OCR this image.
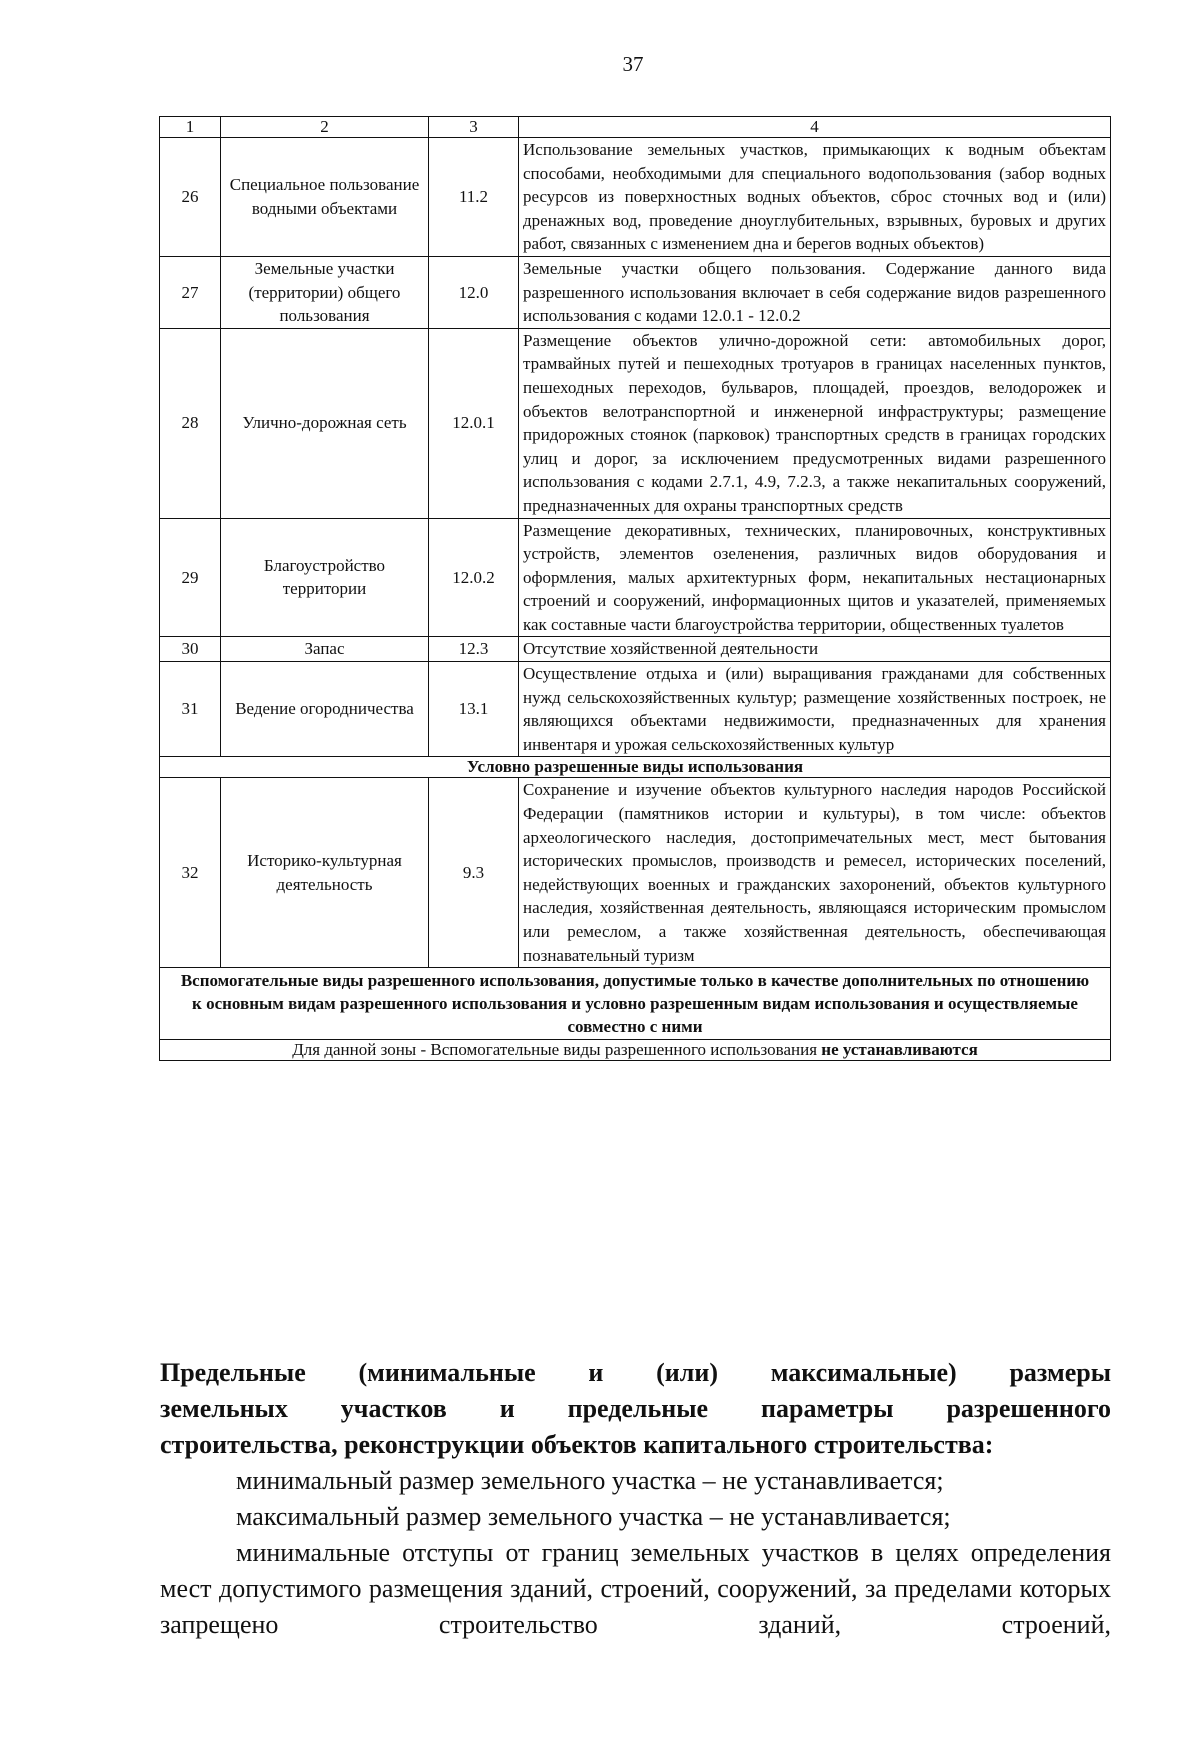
37
1	2	3	4
26	Специальное пользование водными объектами	11.2	Использование земельных участков, примыкающих к водным объектам способами, необходимыми для специального водопользования (забор водных ресурсов из поверхностных водных объектов, сброс сточных вод и (или) дренажных вод, проведение дноуглубительных, взрывных, буровых и других работ, связанных с изменением дна и берегов водных объектов)
27	Земельные участки (территории) общего пользования	12.0	Земельные участки общего пользования. Содержание данного вида разрешенного использования включает в себя содержание видов разрешенного использования с кодами 12.0.1 - 12.0.2
28	Улично-дорожная сеть	12.0.1	Размещение объектов улично-дорожной сети: автомобильных дорог, трамвайных путей и пешеходных тротуаров в границах населенных пунктов, пешеходных переходов, бульваров, площадей, проездов, велодорожек и объектов велотранспортной и инженерной инфраструктуры; размещение придорожных стоянок (парковок) транспортных средств в границах городских улиц и дорог, за исключением предусмотренных видами разрешенного использования с кодами 2.7.1, 4.9, 7.2.3, а также некапитальных сооружений, предназначенных для охраны транспортных средств
29	Благоустройство территории	12.0.2	Размещение декоративных, технических, планировочных, конструктивных устройств, элементов озеленения, различных видов оборудования и оформления, малых архитектурных форм, некапитальных нестационарных строений и сооружений, информационных щитов и указателей, применяемых как составные части благоустройства территории, общественных туалетов
30	Запас	12.3	Отсутствие хозяйственной деятельности
31	Ведение огородничества	13.1	Осуществление отдыха и (или) выращивания гражданами для собственных нужд сельскохозяйственных культур; размещение хозяйственных построек, не являющихся объектами недвижимости, предназначенных для хранения инвентаря и урожая сельскохозяйственных культур
Условно разрешенные виды использования			
32	Историко-культурная деятельность	9.3	Сохранение и изучение объектов культурного наследия народов Российской Федерации (памятников истории и культуры), в том числе: объектов археологического наследия, достопримечательных мест, мест бытования исторических промыслов, производств и ремесел, исторических поселений, недействующих военных и гражданских захоронений, объектов культурного наследия, хозяйственная деятельность, являющаяся историческим промыслом или ремеслом, а также хозяйственная деятельность, обеспечивающая познавательный туризм
Вспомогательные виды разрешенного использования, допустимые только в качестве дополнительных по отношению к основным видам разрешенного использования и условно разрешенным видам использования и осуществляемые совместно с ними			
Для данной зоны - Вспомогательные виды разрешенного использования не устанавливаются			
Предельные (минимальные и (или) максимальные) размеры
земельных участков и предельные параметры разрешенного
строительства, реконструкции объектов капитального строительства:
минимальный размер земельного участка – не устанавливается;
максимальный размер земельного участка – не устанавливается;
минимальные отступы от границ земельных участков в целях определения мест допустимого размещения зданий, строений, сооружений, за пределами которых запрещено строительство зданий, строений,
